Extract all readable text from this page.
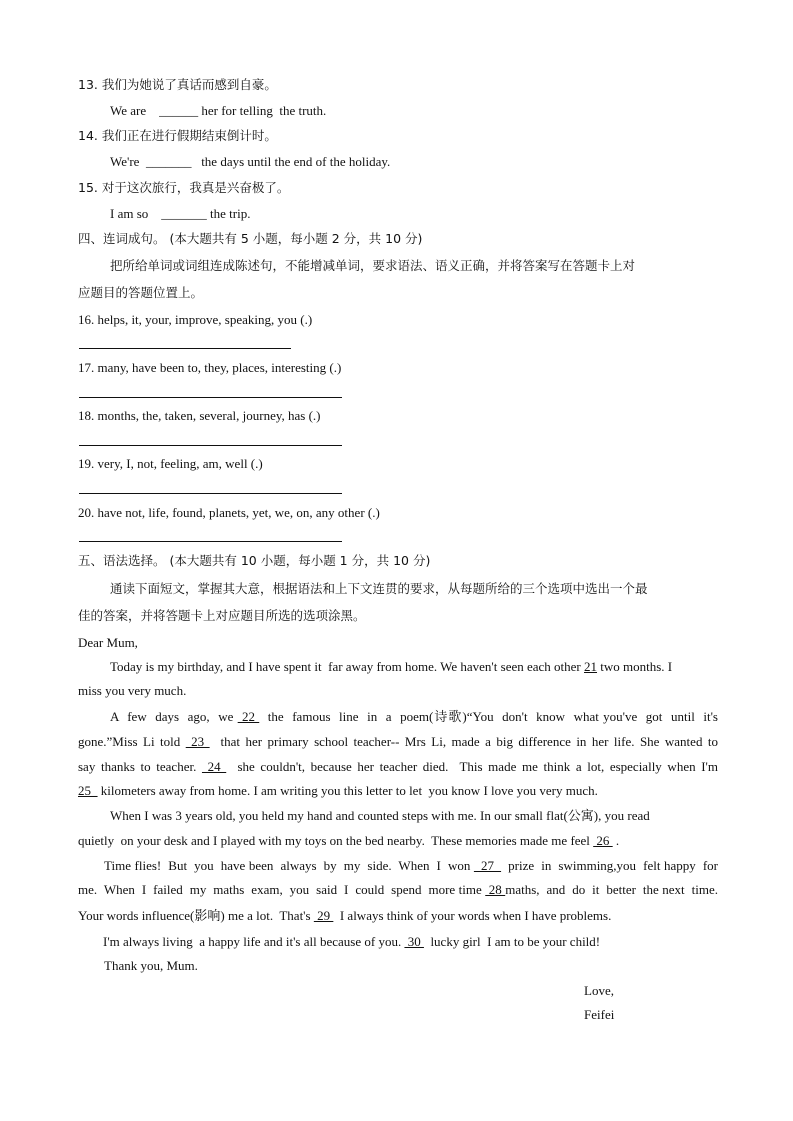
13. 我们为她说了真话而感到自豪。
We are    ______ her for telling  the truth.
14. 我们正在进行假期结束倒计时。
We're  _______   the days until the end of the holiday.
15. 对于这次旅行，我真是兴奋极了。
I am so    _______ the trip.
四、连词成句。 (本大题共有 5 小题，每小题 2 分，共 10 分)
把所给单词或词组连成陈述句，不能增减单词，要求语法、语义正确，并将答案写在答题卡上对
应题目的答题位置上。
16. helps, it, your, improve, speaking, you (.)
17. many, have been to, they, places, interesting (.)
18. months, the, taken, several, journey, has (.)
19. very, I, not, feeling, am, well (.)
20. have not, life, found, planets, yet, we, on, any other (.)
五、语法选择。 (本大题共有 10 小题，每小题 1 分，共 10 分)
通读下面短文，掌握其大意，根据语法和上下文连贯的要求，从每题所给的三个选项中选出一个最
佳的答案，并将答题卡上对应题目所选的选项涂黑。
Dear Mum,
Today is my birthday, and I have spent it  far away from home. We haven't seen each other 21 two months. I
miss you very much.
A  few  days  ago,  we  22   the  famous  line  in  a  poem(诗歌)“You  don't  know  what you've  got  until  it's
gone.”Miss Li told  23   that her primary school teacher-- Mrs Li, made a big difference in her life. She wanted to
say thanks to teacher.  24   she couldn't, because her teacher died.  This made me think a lot, especially when I'm
25_ kilometers away from home. I am writing you this letter to let  you know I love you very much.
When I was 3 years old, you held my hand and counted steps with me. In our small flat(公寓), you read
quietly  on your desk and I played with my toys on the bed nearby.  These memories made me feel  26  .
Time flies!  But  you  have been  always  by  my  side.  When  I  won   27    prize  in  swimming,you  felt happy  for
me.  When  I  failed  my  maths  exam,  you  said  I  could  spend  more time  28 maths,  and  do  it  better  the next  time.
Your words influence(影响) me a lot.  That's  29   I always think of your words when I have problems.
I'm always living  a happy life and it's all because of you.  30   lucky girl  I am to be your child!
Thank you, Mum.
Love,
Feifei
